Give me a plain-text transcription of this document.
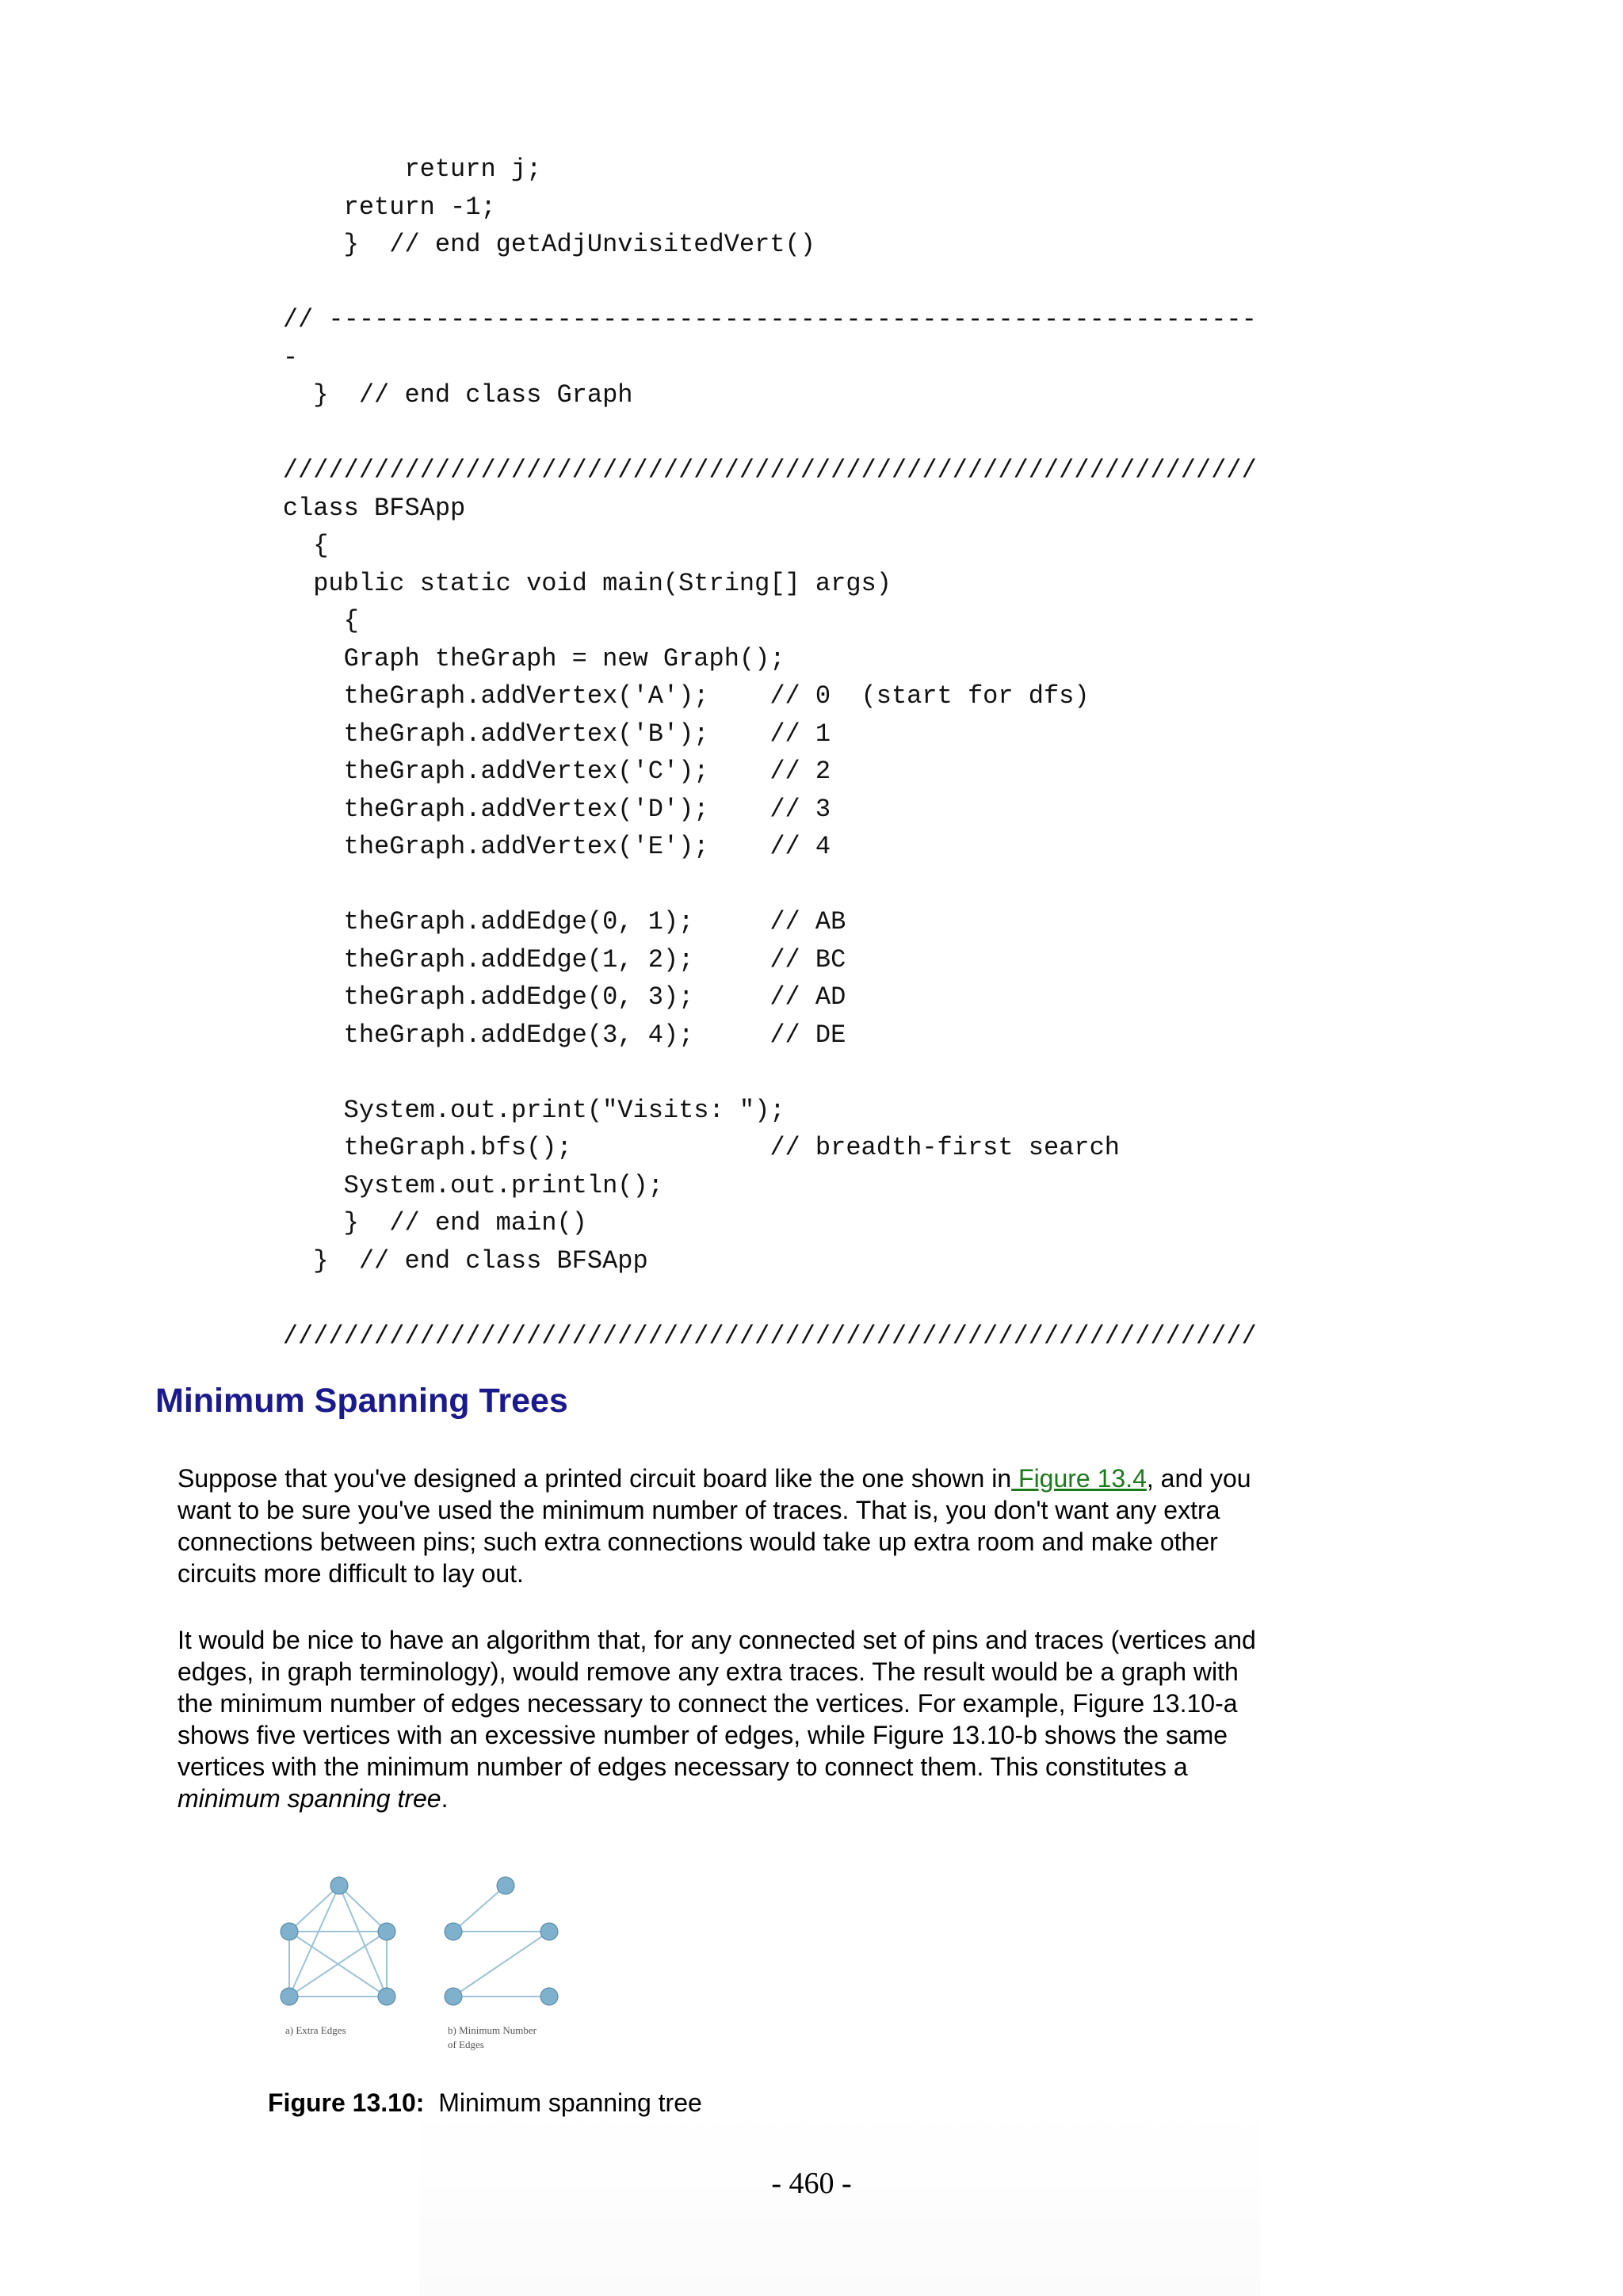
return j;
return -1;
}  // end getAdjUnvisitedVert()

// -------------------------------------------------------------
-
}  // end class Graph

////////////////////////////////////////////////////////////////
class BFSApp
{
public static void main(String[] args)
{
Graph theGraph = new Graph();
theGraph.addVertex('A');    // 0  (start for dfs)
theGraph.addVertex('B');    // 1
theGraph.addVertex('C');    // 2
theGraph.addVertex('D');    // 3
theGraph.addVertex('E');    // 4

theGraph.addEdge(0, 1);     // AB
theGraph.addEdge(1, 2);     // BC
theGraph.addEdge(0, 3);     // AD
theGraph.addEdge(3, 4);     // DE

System.out.print("Visits: ");
theGraph.bfs();             // breadth-first search
System.out.println();
}  // end main()
}  // end class BFSApp

////////////////////////////////////////////////////////////////
Minimum Spanning Trees

Suppose that you've designed a printed circuit board like the one shown in Figure 13.4, and you want to be sure you've used the minimum number of traces. That is, you don't want any extra connections between pins; such extra connections would take up extra room and make other circuits more difficult to lay out.

It would be nice to have an algorithm that, for any connected set of pins and traces (vertices and edges, in graph terminology), would remove any extra traces. The result would be a graph with the minimum number of edges necessary to connect the vertices. For example, Figure 13.10-a shows five vertices with an excessive number of edges, while Figure 13.10-b shows the same vertices with the minimum number of edges necessary to connect them. This constitutes a minimum spanning tree.

a) Extra Edges	b) Minimum Number
of Edges

Figure 13.10: Minimum spanning tree

- 460 -
